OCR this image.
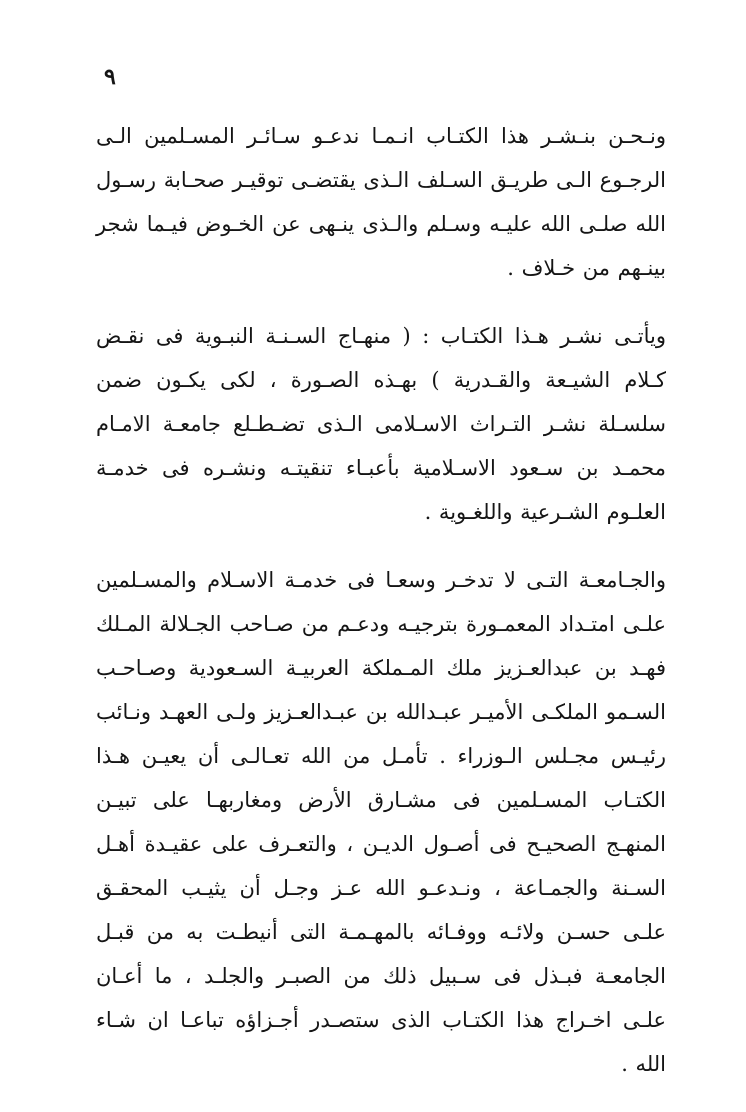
٩

ونـحـن بنـشـر هذا الكتـاب انـمـا ندعـو سـائـر المسـلمين الـى الرجـوع الـى طريـق السـلف الـذى يقتضـى توقيـر صحـابة رسـول الله صلـى الله عليـه وسـلم والـذى ينـهى عن الخـوض فيـما شجر بينـهم من خـلاف .

ويأتـى نشـر هـذا الكتـاب : ( منهـاج السـنـة النبـوية فى نقـض كـلام الشيـعة والقـدرية ) بهـذه الصـورة ، لكى يكـون ضمن سلسـلة نشـر التـراث الاسـلامى الـذى تضـطـلع جامعـة الامـام محمـد بن سـعود الاسـلامية بأعبـاء تنقيتـه ونشـره فى خدمـة العلـوم الشـرعية واللغـوية .

والجـامعـة التـى لا تدخـر وسعـا فى خدمـة الاسـلام والمسـلمين علـى امتـداد المعمـورة بترجيـه ودعـم من صـاحب الجـلالة المـلك فهـد بن عبدالعـزيز ملك المـملكة العربيـة السـعودية وصـاحـب السـمو الملكـى الأميـر عبـدالله بن عبـدالعـزيز ولـى العهـد ونـائب رئيـس مجـلس الـوزراء . تأمـل من الله تعـالـى أن يعيـن هـذا الكتـاب المسـلمين فى مشـارق الأرض ومغاربهـا على تبيـن المنهـج الصحيـح فى أصـول الديـن ، والتعـرف على عقيـدة أهـل السـنة والجمـاعة ، ونـدعـو الله عـز وجـل أن يثيـب المحقـق علـى حسـن ولائـه ووفـائه بالمهـمـة التى أنيطـت به من قبـل الجامعـة فبـذل فى سـبيل ذلك من الصبـر والجلـد ، ما أعـان علـى اخـراج هذا الكتـاب الذى ستصـدر أجـزاؤه تباعـا ان شـاء الله .
